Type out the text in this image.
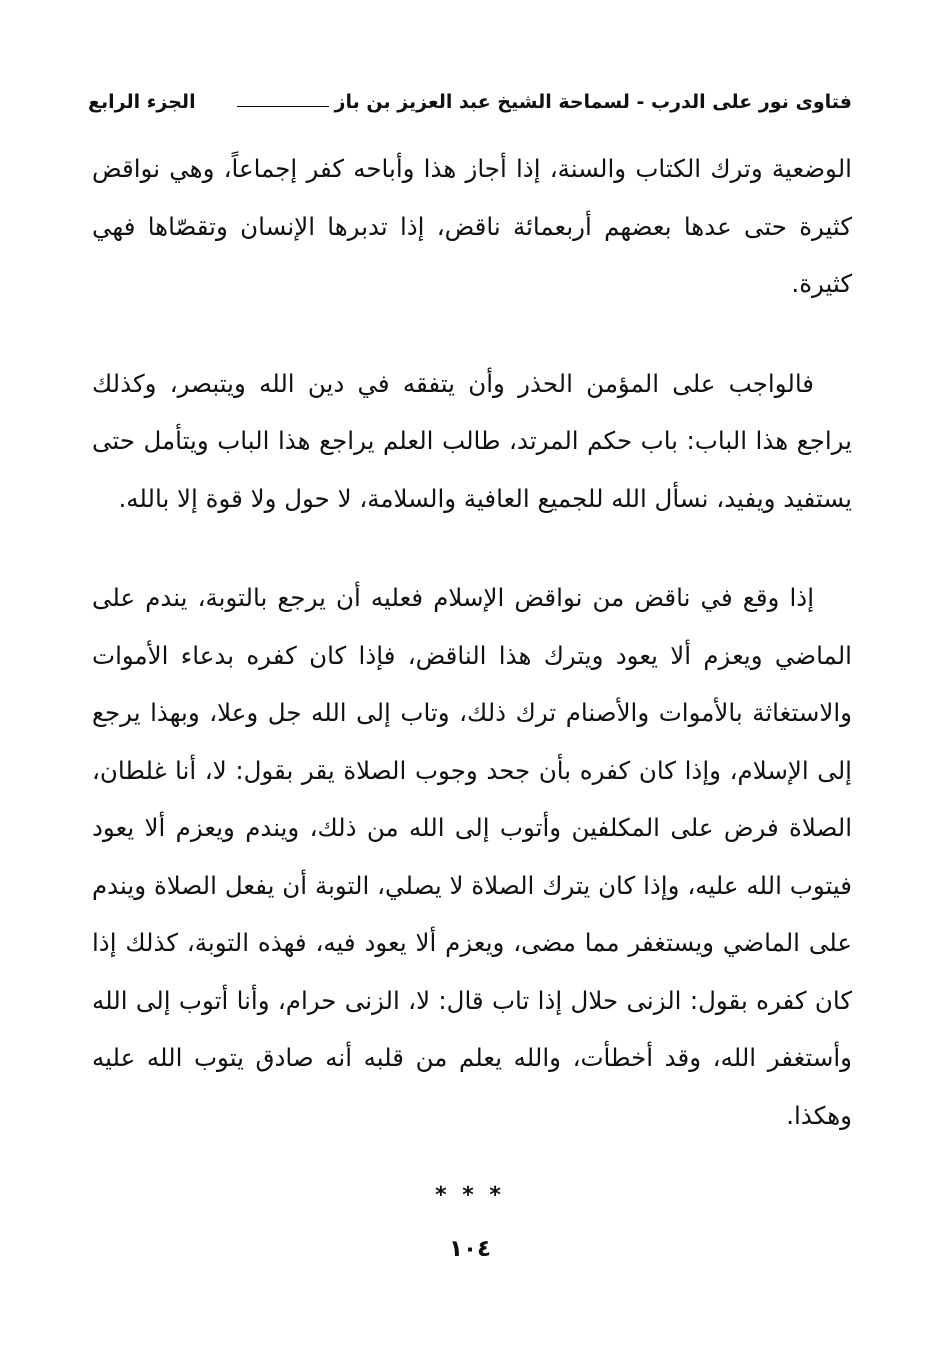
فتاوى نور على الدرب - لسماحة الشيخ عبد العزيز بن باز
الجزء الرابع

الوضعية وترك الكتاب والسنة، إذا أجاز هذا وأباحه كفر إجماعاً، وهي نواقض كثيرة حتى عدها بعضهم أربعمائة ناقض، إذا تدبرها الإنسان وتقصّاها فهي كثيرة.

فالواجب على المؤمن الحذر وأن يتفقه في دين الله ويتبصر، وكذلك يراجع هذا الباب: باب حكم المرتد، طالب العلم يراجع هذا الباب ويتأمل حتى يستفيد ويفيد، نسأل الله للجميع العافية والسلامة، لا حول ولا قوة إلا بالله.

إذا وقع في ناقض من نواقض الإسلام فعليه أن يرجع بالتوبة، يندم على الماضي ويعزم ألا يعود ويترك هذا الناقض، فإذا كان كفره بدعاء الأموات والاستغاثة بالأموات والأصنام ترك ذلك، وتاب إلى الله جل وعلا، وبهذا يرجع إلى الإسلام، وإذا كان كفره بأن جحد وجوب الصلاة يقر بقول: لا، أنا غلطان، الصلاة فرض على المكلفين وأتوب إلى الله من ذلك، ويندم ويعزم ألا يعود فيتوب الله عليه، وإذا كان يترك الصلاة لا يصلي، التوبة أن يفعل الصلاة ويندم على الماضي ويستغفر مما مضى، ويعزم ألا يعود فيه، فهذه التوبة، كذلك إذا كان كفره بقول: الزنى حلال إذا تاب قال: لا، الزنى حرام، وأنا أتوب إلى الله وأستغفر الله، وقد أخطأت، والله يعلم من قلبه أنه صادق يتوب الله عليه وهكذا.

* * *
١٠٤
